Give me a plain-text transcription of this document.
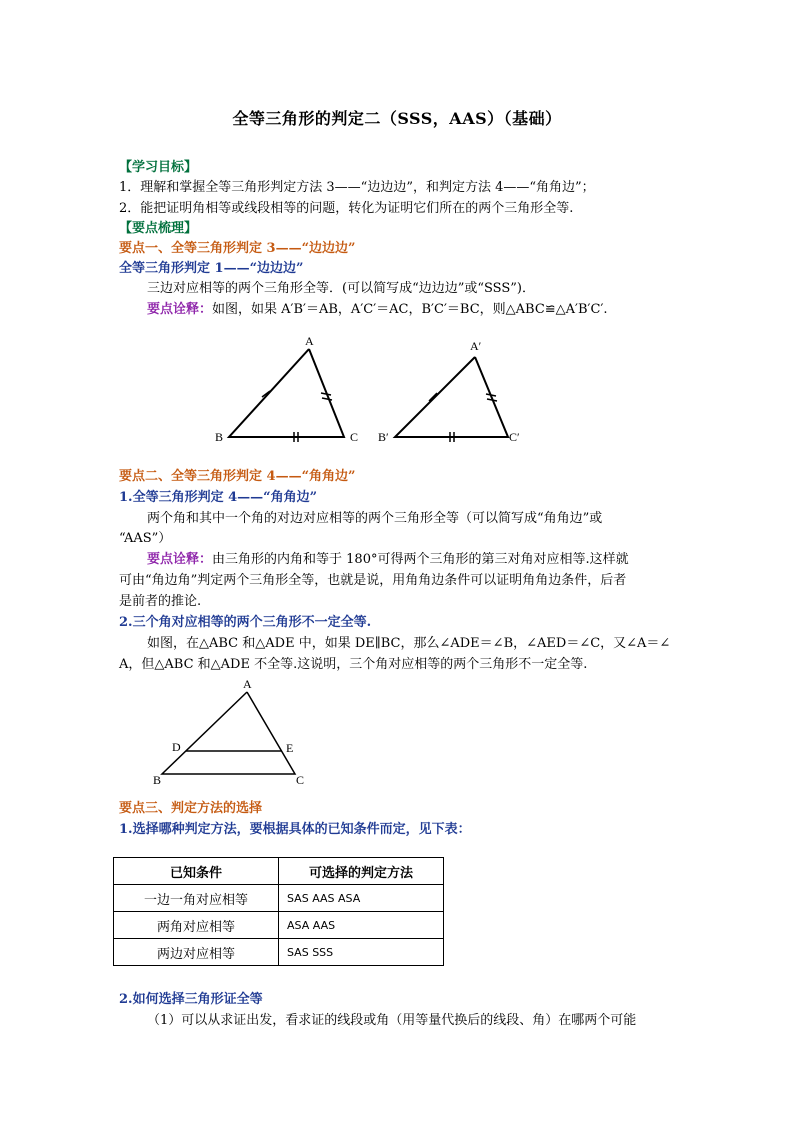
全等三角形的判定二（SSS，AAS）（基础）
【学习目标】
1．理解和掌握全等三角形判定方法 3——“边边边”，和判定方法 4——“角角边”；
2．能把证明角相等或线段相等的问题，转化为证明它们所在的两个三角形全等.
【要点梳理】
要点一、全等三角形判定 3——“边边边”
全等三角形判定 1——“边边边”
三边对应相等的两个三角形全等．(可以简写成“边边边”或“SSS”)．
要点诠释：如图，如果 A′B′＝AB，A′C′＝AC，B′C′＝BC，则△ABC≌△A′B′C′.
A
B	C
A′
B′	C′
要点二、全等三角形判定 4——“角角边”
1.全等三角形判定 4——“角角边”
两个角和其中一个角的对边对应相等的两个三角形全等（可以简写成“角角边”或
“AAS”）
要点诠释：由三角形的内角和等于 180°可得两个三角形的第三对角对应相等.这样就
可由“角边角”判定两个三角形全等，也就是说，用角角边条件可以证明角角边条件，后者
是前者的推论.
2.三个角对应相等的两个三角形不一定全等.
如图，在△ABC 和△ADE 中，如果 DE∥BC，那么∠ADE＝∠B，∠AED＝∠C，又∠A＝∠
A，但△ABC 和△ADE 不全等.这说明，三个角对应相等的两个三角形不一定全等.
A
D	E
B	C
要点三、判定方法的选择
1.选择哪种判定方法，要根据具体的已知条件而定，见下表：
已知条件	可选择的判定方法
一边一角对应相等	SAS AAS ASA
两角对应相等	ASA AAS
两边对应相等	SAS SSS
2.如何选择三角形证全等
（1）可以从求证出发，看求证的线段或角（用等量代换后的线段、角）在哪两个可能
